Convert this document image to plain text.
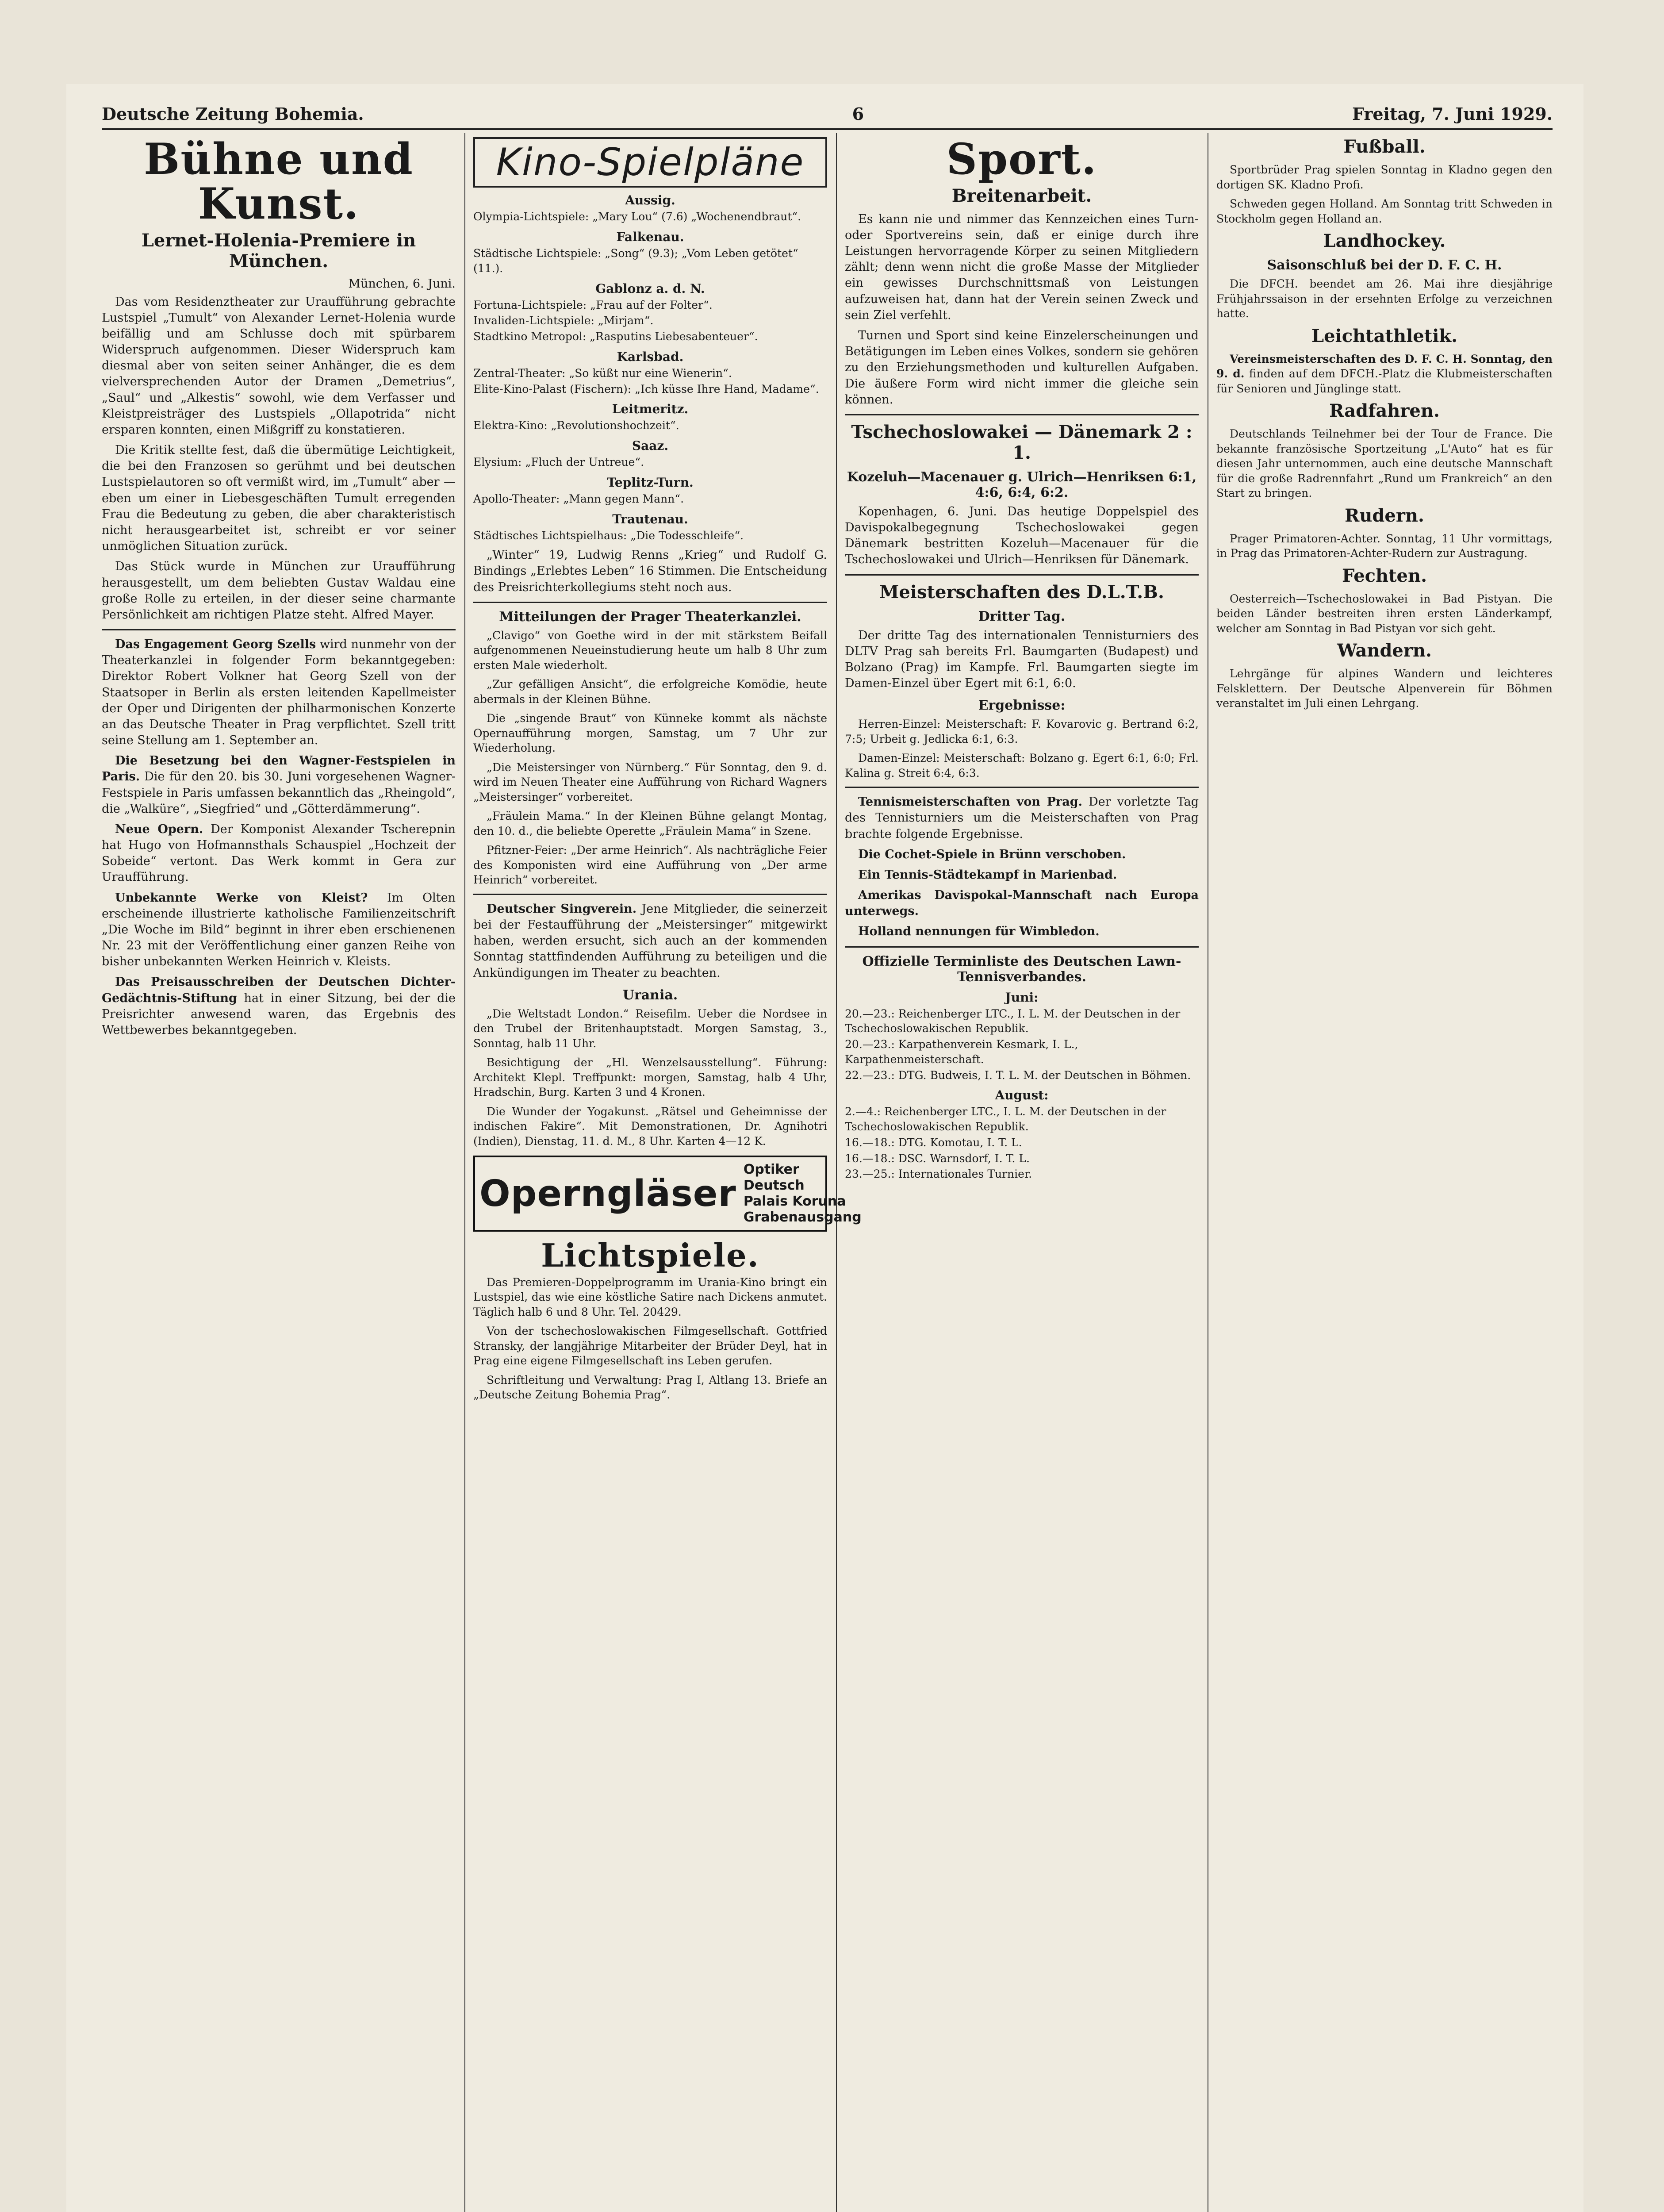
Deutsche Zeitung Bohemia.	6	Freitag, 7. Juni 1929.
Bühne und Kunst.
Lernet-Holenia-Premiere in München.
München, 6. Juni.

Das vom Residenztheater zur Uraufführung gebrachte Lustspiel „Tumult“ von Alexander Lernet-Holenia wurde beifällig und am Schlusse doch mit spürbarem Widerspruch aufgenommen. Dieser Widerspruch kam diesmal aber von seiten seiner Anhänger, die es dem vielversprechenden Autor der Dramen „Demetrius“, „Saul“ und „Alkestis“ sowohl, wie dem Verfasser und Kleistpreisträger des Lustspiels „Ollapotrida“ nicht ersparen konnten, einen Mißgriff zu konstatieren.

Die Kritik stellte fest, daß die übermütige Leichtigkeit, die bei den Franzosen so gerühmt und bei deutschen Lustspielautoren so oft vermißt wird, im „Tumult“ aber — eben um einer in Liebesgeschäften Tumult erregenden Frau die Bedeutung zu geben, die aber charakteristisch nicht herausgearbeitet ist, schreibt er vor seiner unmöglichen Situation zurück.

Das Stück wurde in München zur Uraufführung herausgestellt, um dem beliebten Gustav Waldau eine große Rolle zu erteilen, in der dieser seine charmante Persönlichkeit am richtigen Platze steht. Alfred Mayer.

Das Engagement Georg Szells wird nunmehr von der Theaterkanzlei in folgender Form bekanntgegeben: Direktor Robert Volkner hat Georg Szell von der Staatsoper in Berlin als ersten leitenden Kapellmeister der Oper und Dirigenten der philharmonischen Konzerte an das Deutsche Theater in Prag verpflichtet. Szell tritt seine Stellung am 1. September an.

Die Besetzung bei den Wagner-Festspielen in Paris. Die für den 20. bis 30. Juni vorgesehenen Wagner-Festspiele in Paris umfassen bekanntlich das „Rheingold“, die „Walküre“, „Siegfried“ und „Götterdämmerung“.

Neue Opern. Der Komponist Alexander Tscherepnin hat Hugo von Hofmannsthals Schauspiel „Hochzeit der Sobeide“ vertont. Das Werk kommt in Gera zur Uraufführung.

Unbekannte Werke von Kleist? Im Olten erscheinende illustrierte katholische Familienzeitschrift „Die Woche im Bild“ beginnt in ihrer eben erschienenen Nr. 23 mit der Veröffentlichung einer ganzen Reihe von bisher unbekannten Werken Heinrich v. Kleists.

Das Preisausschreiben der Deutschen Dichter-Gedächtnis-Stiftung hat in einer Sitzung, bei der die Preisrichter anwesend waren, das Ergebnis des Wettbewerbes bekanntgegeben.

Kino-Spielpläne
Aussig.
Olympia-Lichtspiele: „Mary Lou“ (7.6) „Wochenendbraut“.
Falkenau.
Städtische Lichtspiele: „Song“ (9.3); „Vom Leben getötet“ (11.).
Gablonz a. d. N.
Fortuna-Lichtspiele: „Frau auf der Folter“.
Invaliden-Lichtspiele: „Mirjam“.
Stadtkino Metropol: „Rasputins Liebesabenteuer“.
Karlsbad.
Zentral-Theater: „So küßt nur eine Wienerin“.
Elite-Kino-Palast (Fischern): „Ich küsse Ihre Hand, Madame“.
Leitmeritz.
Elektra-Kino: „Revolutionshochzeit“.
Saaz.
Elysium: „Fluch der Untreue“.
Teplitz-Turn.
Apollo-Theater: „Mann gegen Mann“.
Trautenau.
Städtisches Lichtspielhaus: „Die Todesschleife“.

„Winter“ 19, Ludwig Renns „Krieg“ und Rudolf G. Bindings „Erlebtes Leben“ 16 Stimmen. Die Entscheidung des Preisrichterkollegiums steht noch aus.

Mitteilungen der Prager Theaterkanzlei.

„Clavigo“ von Goethe wird in der mit stärkstem Beifall aufgenommenen Neueinstudierung heute um halb 8 Uhr zum ersten Male wiederholt.

„Zur gefälligen Ansicht“, die erfolgreiche Komödie, heute abermals in der Kleinen Bühne.

Die „singende Braut“ von Künneke kommt als nächste Opernaufführung morgen, Samstag, um 7 Uhr zur Wiederholung.

„Die Meistersinger von Nürnberg.“ Für Sonntag, den 9. d. wird im Neuen Theater eine Aufführung von Richard Wagners „Meistersinger“ vorbereitet.

„Fräulein Mama.“ In der Kleinen Bühne gelangt Montag, den 10. d., die beliebte Operette „Fräulein Mama“ in Szene.

Pfitzner-Feier: „Der arme Heinrich“. Als nachträgliche Feier des Komponisten wird eine Aufführung von „Der arme Heinrich“ vorbereitet.

Deutscher Singverein. Jene Mitglieder, die seinerzeit bei der Festaufführung der „Meistersinger“ mitgewirkt haben, werden ersucht, sich auch an der kommenden Sonntag stattfindenden Aufführung zu beteiligen und die Ankündigungen im Theater zu beachten.

Urania.

„Die Weltstadt London.“ Reisefilm. Ueber die Nordsee in den Trubel der Britenhauptstadt. Morgen Samstag, 3., Sonntag, halb 11 Uhr.

Besichtigung der „Hl. Wenzelsausstellung“. Führung: Architekt Klepl. Treffpunkt: morgen, Samstag, halb 4 Uhr, Hradschin, Burg. Karten 3 und 4 Kronen.

Die Wunder der Yogakunst. „Rätsel und Geheimnisse der indischen Fakire“. Mit Demonstrationen, Dr. Agnihotri (Indien), Dienstag, 11. d. M., 8 Uhr. Karten 4—12 K.

Operngläser
Optiker Deutsch
Palais Koruna
Grabenausgang
Lichtspiele.

Das Premieren-Doppelprogramm im Urania-Kino bringt ein Lustspiel, das wie eine köstliche Satire nach Dickens anmutet. Täglich halb 6 und 8 Uhr. Tel. 20429.

Von der tschechoslowakischen Filmgesellschaft. Gottfried Stransky, der langjährige Mitarbeiter der Brüder Deyl, hat in Prag eine eigene Filmgesellschaft ins Leben gerufen.

Schriftleitung und Verwaltung: Prag I, Altlang 13. Briefe an „Deutsche Zeitung Bohemia Prag“.

Sport.
Breitenarbeit.

Es kann nie und nimmer das Kennzeichen eines Turn- oder Sportvereins sein, daß er einige durch ihre Leistungen hervorragende Körper zu seinen Mitgliedern zählt; denn wenn nicht die große Masse der Mitglieder ein gewisses Durchschnittsmaß von Leistungen aufzuweisen hat, dann hat der Verein seinen Zweck und sein Ziel verfehlt.

Turnen und Sport sind keine Einzelerscheinungen und Betätigungen im Leben eines Volkes, sondern sie gehören zu den Erziehungsmethoden und kulturellen Aufgaben. Die äußere Form wird nicht immer die gleiche sein können.

Tschechoslowakei — Dänemark 2 : 1.
Kozeluh—Macenauer g. Ulrich—Henriksen 6:1, 4:6, 6:4, 6:2.

Kopenhagen, 6. Juni. Das heutige Doppelspiel des Davispokalbegegnung Tschechoslowakei gegen Dänemark bestritten Kozeluh—Macenauer für die Tschechoslowakei und Ulrich—Henriksen für Dänemark.

Meisterschaften des D.L.T.B.
Dritter Tag.

Der dritte Tag des internationalen Tennisturniers des DLTV Prag sah bereits Frl. Baumgarten (Budapest) und Bolzano (Prag) im Kampfe. Frl. Baumgarten siegte im Damen-Einzel über Egert mit 6:1, 6:0.

Ergebnisse:

Herren-Einzel: Meisterschaft: F. Kovarovic g. Bertrand 6:2, 7:5; Urbeit g. Jedlicka 6:1, 6:3.

Damen-Einzel: Meisterschaft: Bolzano g. Egert 6:1, 6:0; Frl. Kalina g. Streit 6:4, 6:3.

Tennismeisterschaften von Prag. Der vorletzte Tag des Tennisturniers um die Meisterschaften von Prag brachte folgende Ergebnisse.

Die Cochet-Spiele in Brünn verschoben.

Ein Tennis-Städtekampf in Marienbad.

Amerikas Davispokal-Mannschaft nach Europa unterwegs.

Holland nennungen für Wimbledon.

Offizielle Terminliste des Deutschen Lawn-Tennisverbandes.
Juni:
20.—23.: Reichenberger LTC., I. L. M. der Deutschen in der Tschechoslowakischen Republik.
20.—23.: Karpathenverein Kesmark, I. L., Karpathenmeisterschaft.
22.—23.: DTG. Budweis, I. T. L. M. der Deutschen in Böhmen.
August:
2.—4.: Reichenberger LTC., I. L. M. der Deutschen in der Tschechoslowakischen Republik.
16.—18.: DTG. Komotau, I. T. L.
16.—18.: DSC. Warnsdorf, I. T. L.
23.—25.: Internationales Turnier.
Fußball.

Sportbrüder Prag spielen Sonntag in Kladno gegen den dortigen SK. Kladno Profi.

Schweden gegen Holland. Am Sonntag tritt Schweden in Stockholm gegen Holland an.

Landhockey.
Saisonschluß bei der D. F. C. H.

Die DFCH. beendet am 26. Mai ihre diesjährige Frühjahrssaison in der ersehnten Erfolge zu verzeichnen hatte.

Leichtathletik.

Vereinsmeisterschaften des D. F. C. H. Sonntag, den 9. d. finden auf dem DFCH.-Platz die Klubmeisterschaften für Senioren und Jünglinge statt.

Radfahren.

Deutschlands Teilnehmer bei der Tour de France. Die bekannte französische Sportzeitung „L'Auto“ hat es für diesen Jahr unternommen, auch eine deutsche Mannschaft für die große Radrennfahrt „Rund um Frankreich“ an den Start zu bringen.

Rudern.

Prager Primatoren-Achter. Sonntag, 11 Uhr vormittags, in Prag das Primatoren-Achter-Rudern zur Austragung.

Fechten.

Oesterreich—Tschechoslowakei in Bad Pistyan. Die beiden Länder bestreiten ihren ersten Länderkampf, welcher am Sonntag in Bad Pistyan vor sich geht.

Wandern.

Lehrgänge für alpines Wandern und leichteres Felsklettern. Der Deutsche Alpenverein für Böhmen veranstaltet im Juli einen Lehrgang.
